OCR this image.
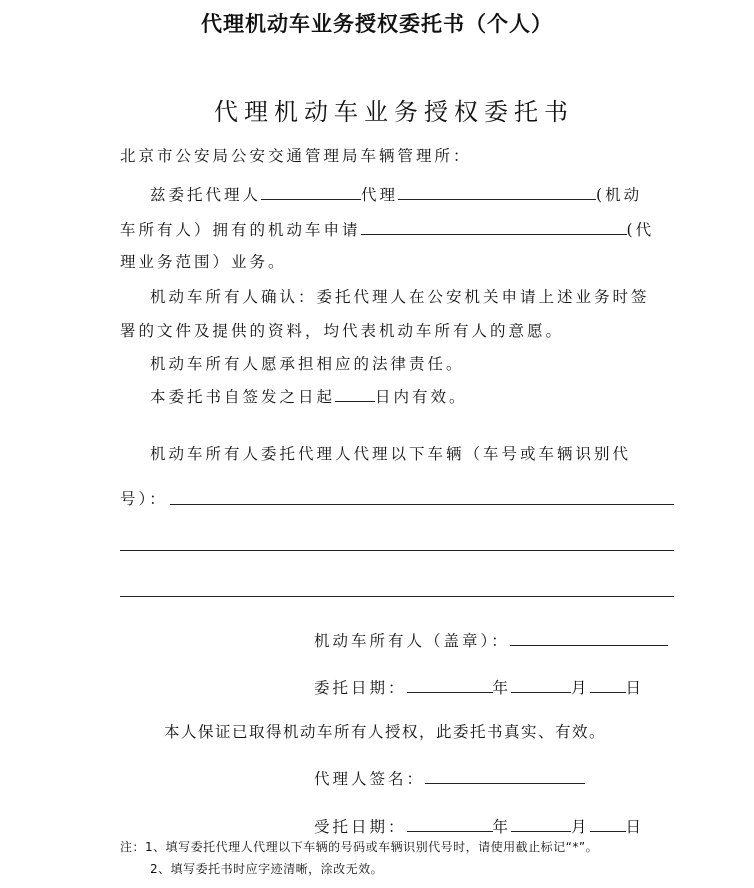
代理机动车业务授权委托书（个人）
代理机动车业务授权委托书
北京市公安局公安交通管理局车辆管理所：
兹委托代理人	代理	(机动
车所有人）拥有的机动车申请	(代
理业务范围）业务。
机动车所有人确认：委托代理人在公安机关申请上述业务时签
署的文件及提供的资料，均代表机动车所有人的意愿。
机动车所有人愿承担相应的法律责任。
本委托书自签发之日起	日内有效。
机动车所有人委托代理人代理以下车辆（车号或车辆识别代
号）：
机动车所有人（盖章）：
委托日期：	年	月 日
本人保证已取得机动车所有人授权，此委托书真实、有效。
代理人签名：
受托日期：	年	月 日
注：1、填写委托代理人代理以下车辆的号码或车辆识别代号时，请使用截止标记“*”。
2、填写委托书时应字迹清晰，涂改无效。
